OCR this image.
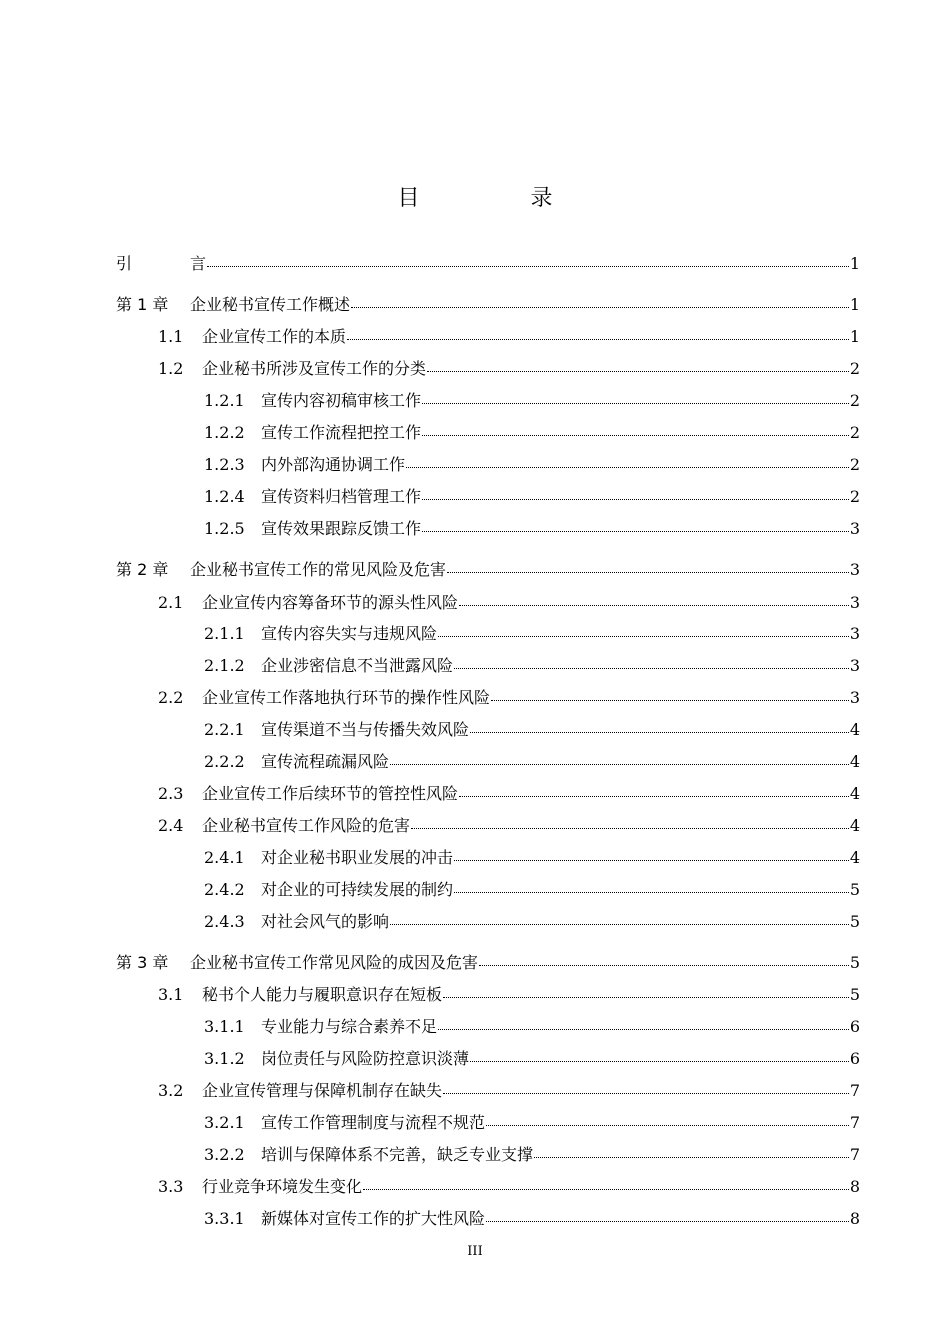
目 录
引　　	言	1
第 1 章	企业秘书宣传工作概述	1
1.1	企业宣传工作的本质	1
1.2	企业秘书所涉及宣传工作的分类	2
1.2.1	宣传内容初稿审核工作	2
1.2.2	宣传工作流程把控工作	2
1.2.3	内外部沟通协调工作	2
1.2.4	宣传资料归档管理工作	2
1.2.5	宣传效果跟踪反馈工作	3
第 2 章	企业秘书宣传工作的常见风险及危害	3
2.1	企业宣传内容筹备环节的源头性风险	3
2.1.1	宣传内容失实与违规风险	3
2.1.2	企业涉密信息不当泄露风险	3
2.2	企业宣传工作落地执行环节的操作性风险	3
2.2.1	宣传渠道不当与传播失效风险	4
2.2.2	宣传流程疏漏风险	4
2.3	企业宣传工作后续环节的管控性风险	4
2.4	企业秘书宣传工作风险的危害	4
2.4.1	对企业秘书职业发展的冲击	4
2.4.2	对企业的可持续发展的制约	5
2.4.3	对社会风气的影响	5
第 3 章	企业秘书宣传工作常见风险的成因及危害	5
3.1	秘书个人能力与履职意识存在短板	5
3.1.1	专业能力与综合素养不足	6
3.1.2	岗位责任与风险防控意识淡薄	6
3.2	企业宣传管理与保障机制存在缺失	7
3.2.1	宣传工作管理制度与流程不规范	7
3.2.2	培训与保障体系不完善，缺乏专业支撑	7
3.3	行业竞争环境发生变化	8
3.3.1	新媒体对宣传工作的扩大性风险	8
III
